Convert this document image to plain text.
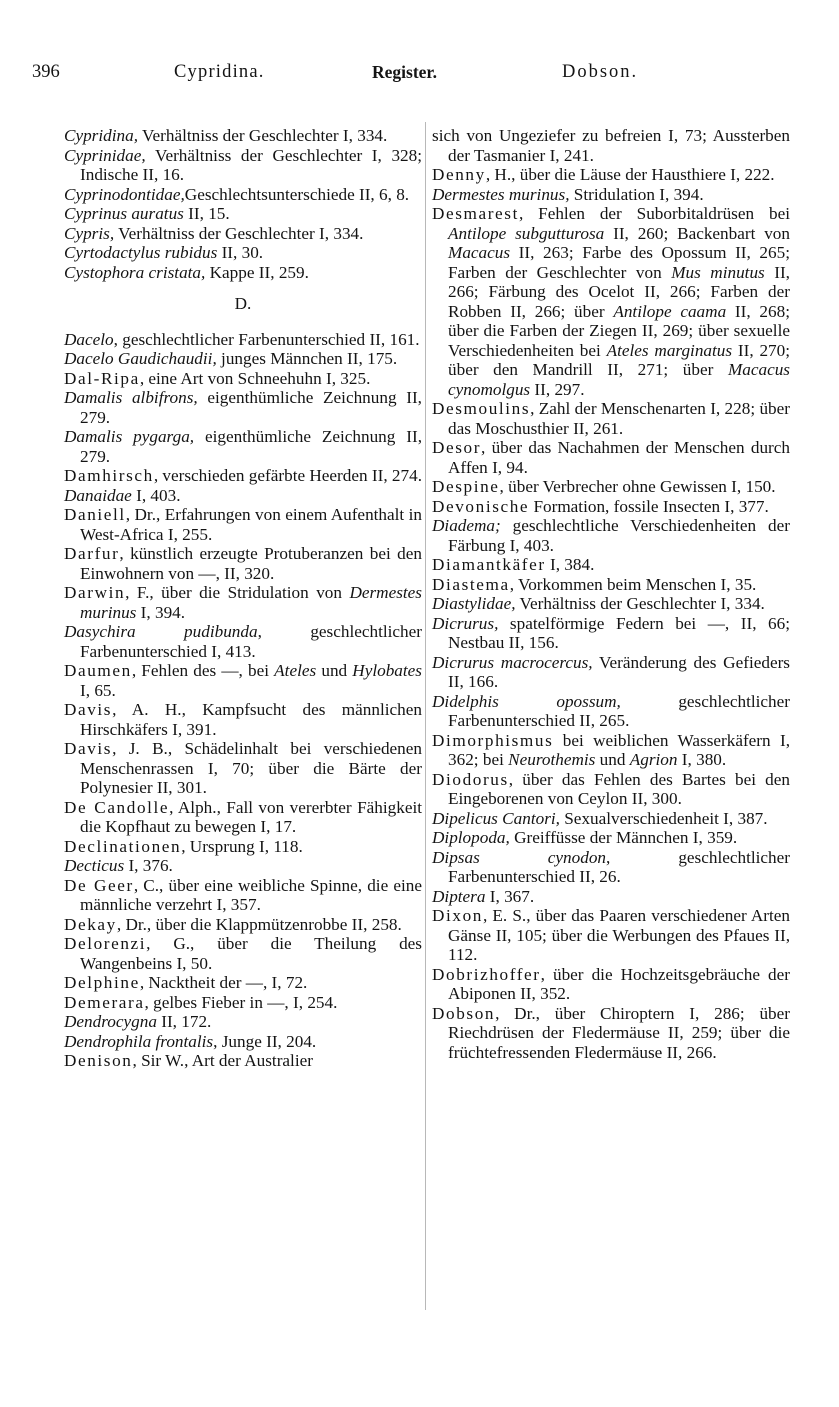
396	Cypridina.	Register.	Dobson.

Cypridina, Verhältniss der Geschlechter I, 334.

Cyprinidae, Verhältniss der Geschlechter I, 328; Indische II, 16.

Cyprinodontidae,Geschlechtsunterschiede II, 6, 8.

Cyprinus auratus II, 15.

Cypris, Verhältniss der Geschlechter I, 334.

Cyrtodactylus rubidus II, 30.

Cystophora cristata, Kappe II, 259.

D.

Dacelo, geschlechtlicher Farbenunterschied II, 161.

Dacelo Gaudichaudii, junges Männchen II, 175.

Dal-Ripa, eine Art von Schneehuhn I, 325.

Damalis albifrons, eigenthümliche Zeichnung II, 279.

Damalis pygarga, eigenthümliche Zeichnung II, 279.

Damhirsch, verschieden gefärbte Heerden II, 274.

Danaidae I, 403.

Daniell, Dr., Erfahrungen von einem Aufenthalt in West-Africa I, 255.

Darfur, künstlich erzeugte Protuberanzen bei den Einwohnern von —, II, 320.

Darwin, F., über die Stridulation von Dermestes murinus I, 394.

Dasychira pudibunda, geschlechtlicher Farbenunterschied I, 413.

Daumen, Fehlen des —, bei Ateles und Hylobates I, 65.

Davis, A. H., Kampfsucht des männlichen Hirschkäfers I, 391.

Davis, J. B., Schädelinhalt bei verschiedenen Menschenrassen I, 70; über die Bärte der Polynesier II, 301.

De Candolle, Alph., Fall von vererbter Fähigkeit die Kopfhaut zu bewegen I, 17.

Declinationen, Ursprung I, 118.

Decticus I, 376.

De Geer, C., über eine weibliche Spinne, die eine männliche verzehrt I, 357.

Dekay, Dr., über die Klappmützenrobbe II, 258.

Delorenzi, G., über die Theilung des Wangenbeins I, 50.

Delphine, Nacktheit der —, I, 72.

Demerara, gelbes Fieber in —, I, 254.

Dendrocygna II, 172.

Dendrophila frontalis, Junge II, 204.

Denison, Sir W., Art der Australier

sich von Ungeziefer zu befreien I, 73; Aussterben der Tasmanier I, 241.

Denny, H., über die Läuse der Hausthiere I, 222.

Dermestes murinus, Stridulation I, 394.

Desmarest, Fehlen der Suborbitaldrüsen bei Antilope subgutturosa II, 260; Backenbart von Macacus II, 263; Farbe des Opossum II, 265; Farben der Geschlechter von Mus minutus II, 266; Färbung des Ocelot II, 266; Farben der Robben II, 266; über Antilope caama II, 268; über die Farben der Ziegen II, 269; über sexuelle Verschiedenheiten bei Ateles marginatus II, 270; über den Mandrill II, 271; über Macacus cynomolgus II, 297.

Desmoulins, Zahl der Menschenarten I, 228; über das Moschusthier II, 261.

Desor, über das Nachahmen der Menschen durch Affen I, 94.

Despine, über Verbrecher ohne Gewissen I, 150.

Devonische Formation, fossile Insecten I, 377.

Diadema; geschlechtliche Verschiedenheiten der Färbung I, 403.

Diamantkäfer I, 384.

Diastema, Vorkommen beim Menschen I, 35.

Diastylidae, Verhältniss der Geschlechter I, 334.

Dicrurus, spatelförmige Federn bei —, II, 66; Nestbau II, 156.

Dicrurus macrocercus, Veränderung des Gefieders II, 166.

Didelphis opossum, geschlechtlicher Farbenunterschied II, 265.

Dimorphismus bei weiblichen Wasserkäfern I, 362; bei Neurothemis und Agrion I, 380.

Diodorus, über das Fehlen des Bartes bei den Eingeborenen von Ceylon II, 300.

Dipelicus Cantori, Sexualverschiedenheit I, 387.

Diplopoda, Greiffüsse der Männchen I, 359.

Dipsas cynodon, geschlechtlicher Farbenunterschied II, 26.

Diptera I, 367.

Dixon, E. S., über das Paaren verschiedener Arten Gänse II, 105; über die Werbungen des Pfaues II, 112.

Dobrizhoffer, über die Hochzeitsgebräuche der Abiponen II, 352.

Dobson, Dr., über Chiroptern I, 286; über Riechdrüsen der Fledermäuse II, 259; über die früchtefressenden Fledermäuse II, 266.
